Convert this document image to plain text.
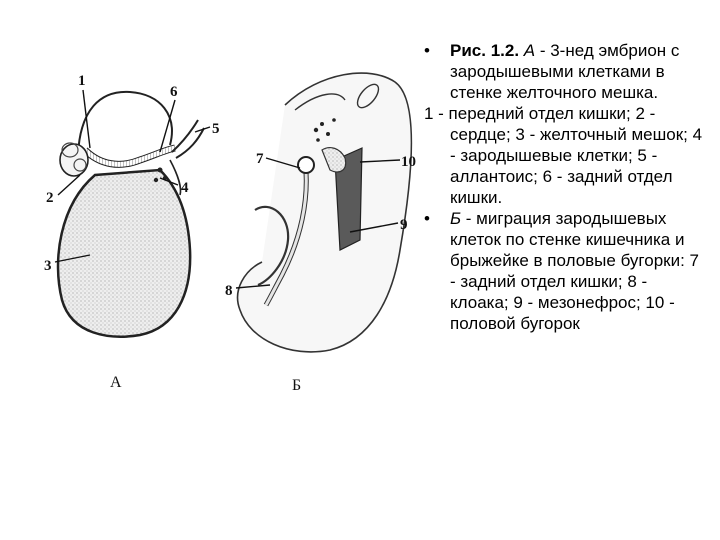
1
2
3
4
5
6
А
7
8
9
10
Б
• Рис. 1.2. А - 3-нед эмбрион с зародышевыми клетками в стенке желточного мешка.
1 - передний отдел кишки; 2 - сердце; 3 - желточный мешок; 4 - зародышевые клетки; 5 - аллантоис; 6 - задний отдел кишки.
• Б - миграция зародышевых клеток по стенке кишечника и брыжейке в половые бугорки: 7 - задний отдел кишки; 8 - клоака; 9 - мезонефрос; 10 - половой бугорок
